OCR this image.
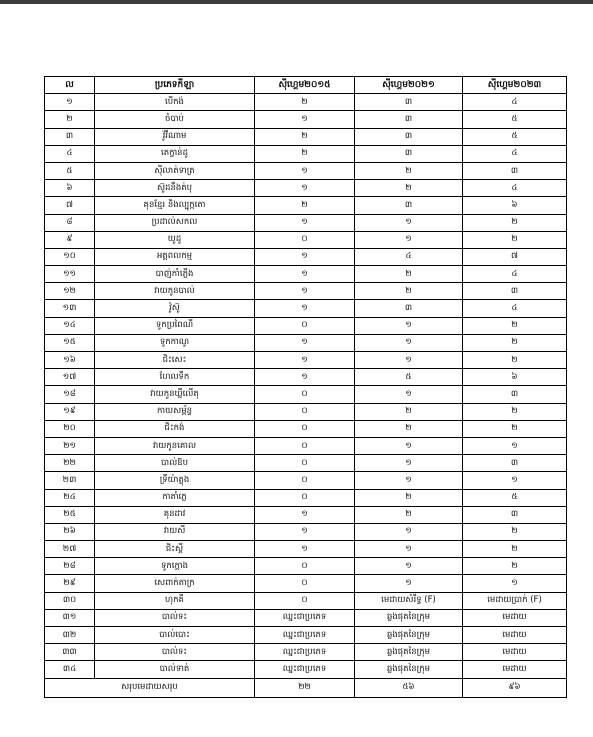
ល	ប្រភេទកីឡា	ស៊ីហ្គេម២០១៥	ស៊ីហ្គេម២០២១	ស៊ីហ្គេម២០២៣
១	បេីកង់	២	៣	៤
២	ចំបាប់	១	៣	៥
៣	វ៉ូវីណាម	២	៣	៥
៤	តេក្វាន់ដូ	២	៣	៤
៥	ស៊ីលាត់ទាត្រ	១	២	៣
៦	ស៊ូដនឹងត់បុ	១	២	៤
៧	គុនខ្មែរ និងល្បុក្កតោ	២	៣	៦
៨	ប្រដាល់សកល	១	១	២
៩	យូដូ	០	១	២
១០	អត្តពលកម្ម	១	៤	៧
១១	បាញ់កាំភ្លើង	១	២	៤
១២	វាយកូនបាល់	១	២	៣
១៣	វ៉ូស៊ូ	១	៣	៤
១៤	ទូកប្រពៃណី	០	១	២
១៥	ទូកកាណូ	១	១	២
១៦	ជិះសេះ	១	១	២
១៧	ហែលទឹក	១	៥	៦
១៨	វាយកូនឃ្លីលើតុ	០	១	៣
១៩	កាយសម្ព័ន្ធ	០	២	២
២០	ជិះកង់	០	២	២
២១	វាយកូនគោល	០	១	១
២២	បាល់ឱប	០	១	៣
២៣	ទ្រីយ៉ាត្លុង	០	១	១
២៤	កាតាំភ្លេ	០	២	៥
២៥	គុនដាវ	១	២	៣
២៦	វាយសី	១	១	២
២៧	ជិះស្គី	១	១	២
២៨	ទូកក្ដោង	០	១	២
២៩	សេពាក់តាក្រ	០	១	១
៣០	ហុកគី	០	មេដាយសំរឹទ្ធ (F)	មេដាយប្រាក់ (F)
៣១	បាល់ទះ	ឈ្នះជាប្រភេទ	ឆ្លងផុតនៃក្រុម	មេដាយ
៣២	បាល់បោះ	ឈ្នះជាប្រភេទ	ឆ្លងផុតនៃក្រុម	មេដាយ
៣៣	បាល់ទះ	ឈ្នះជាប្រភេទ	ឆ្លងផុតនៃក្រុម	មេដាយ
៣៤	បាល់ទាត់	ឈ្នះជាប្រភេទ	ឆ្លងផុតនៃក្រុម	មេដាយ
សរុបមេដាយសរុប		២២	៥៦	៩៦
